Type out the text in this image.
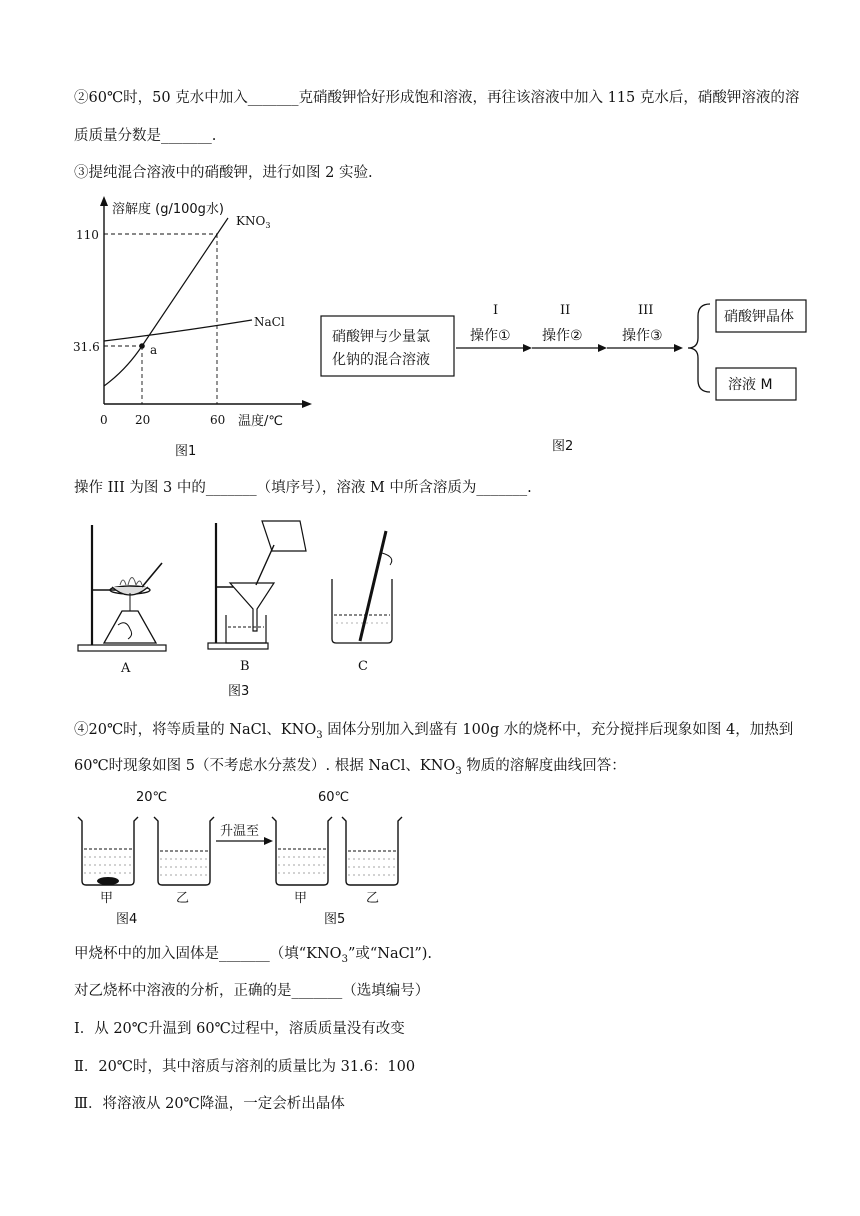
②60℃时，50 克水中加入_______克硝酸钾恰好形成饱和溶液，再往该溶液中加入 115 克水后，硝酸钾溶液的溶
质质量分数是_______.
③提纯混合溶液中的硝酸钾，进行如图 2 实验.
溶解度 (g/100g水)
$KNO_3$
NaCl
a
110
31.6
0 20	60 温度/℃
图1
硝酸钾与少量氯
化钠的混合溶液
I
操作①
II
操作②
III
操作③
硝酸钾晶体
溶液 M
图2
操作 III 为图 3 中的_______（填序号），溶液 M 中所含溶质为_______.
A	B	C
图3
④20℃时，将等质量的 NaCl、$KNO_3$ 固体分别加入到盛有 100g 水的烧杯中，充分搅拌后现象如图 4，加热到
60℃时现象如图 5（不考虑水分蒸发）. 根据 NaCl、$KNO_3$ 物质的溶解度曲线回答：
20℃	60℃
甲	乙
升温至
甲	乙
图4	图5
甲烧杯中的加入固体是_______（填“$KNO_3$”或“NaCl”).
对乙烧杯中溶液的分析，正确的是_______（选填编号）
Ⅰ．从 20℃升温到 60℃过程中，溶质质量没有改变
Ⅱ．20℃时，其中溶质与溶剂的质量比为 31.6：100
Ⅲ．将溶液从 20℃降温，一定会析出晶体
